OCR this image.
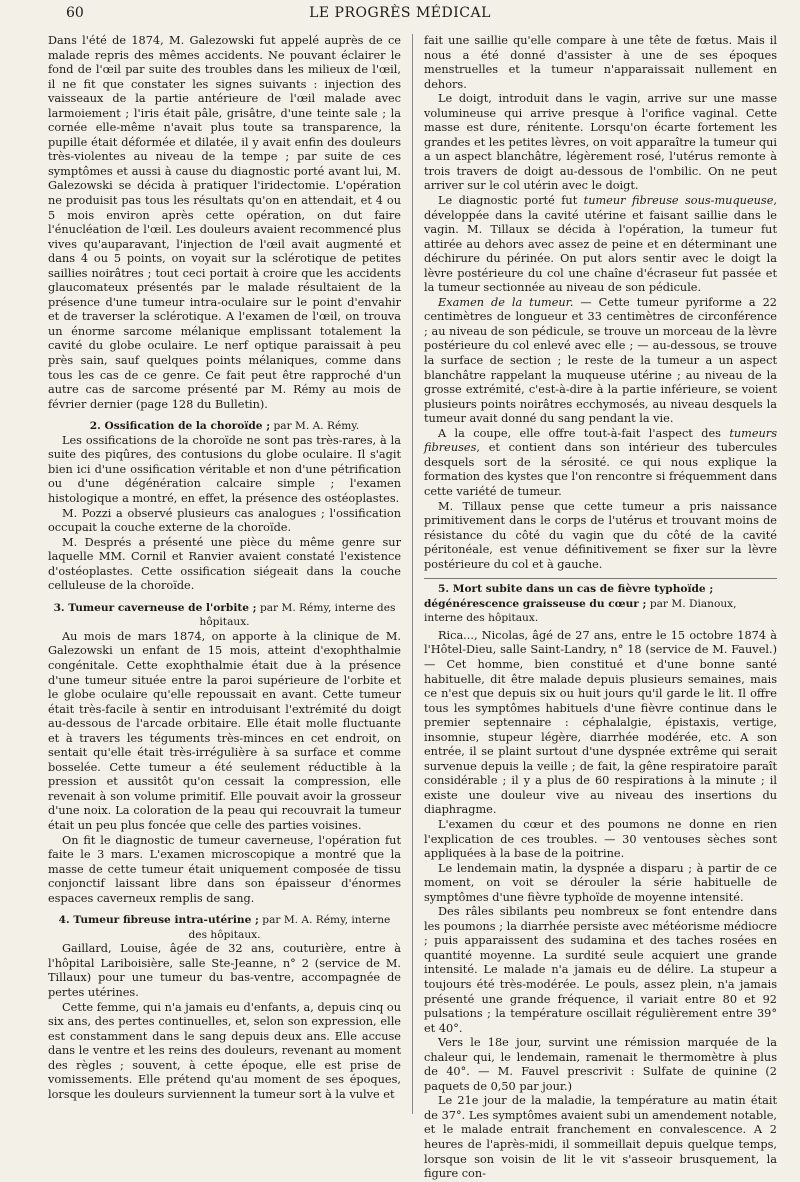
60	LE PROGRÈS MÉDICAL

Dans l'été de 1874, M. Galezowski fut appelé auprès de ce malade repris des mêmes accidents. Ne pouvant éclairer le fond de l'œil par suite des troubles dans les milieux de l'œil, il ne fit que constater les signes suivants : injection des vaisseaux de la partie antérieure de l'œil malade avec larmoiement ; l'iris était pâle, grisâtre, d'une teinte sale ; la cornée elle-même n'avait plus toute sa transparence, la pupille était déformée et dilatée, il y avait enfin des douleurs très-violentes au niveau de la tempe ; par suite de ces symptômes et aussi à cause du diagnostic porté avant lui, M. Galezowski se décida à pratiquer l'iridectomie. L'opération ne produisit pas tous les résultats qu'on en attendait, et 4 ou 5 mois environ après cette opération, on dut faire l'énucléation de l'œil. Les douleurs avaient recommencé plus vives qu'auparavant, l'injection de l'œil avait augmenté et dans 4 ou 5 points, on voyait sur la sclérotique de petites saillies noirâtres ; tout ceci portait à croire que les accidents glaucomateux présentés par le malade résultaient de la présence d'une tumeur intra-oculaire sur le point d'envahir et de traverser la sclérotique. A l'examen de l'œil, on trouva un énorme sarcome mélanique emplissant totalement la cavité du globe oculaire. Le nerf optique paraissait à peu près sain, sauf quelques points mélaniques, comme dans tous les cas de ce genre. Ce fait peut être rapproché d'un autre cas de sarcome présenté par M. Rémy au mois de février dernier (page 128 du Bulletin).

2. Ossification de la choroïde ; par M. A. Rémy.

Les ossifications de la choroïde ne sont pas très-rares, à la suite des piqûres, des contusions du globe oculaire. Il s'agit bien ici d'une ossification véritable et non d'une pétrification ou d'une dégénération calcaire simple ; l'examen histologique a montré, en effet, la présence des ostéoplastes.

M. Pozzi a observé plusieurs cas analogues ; l'ossification occupait la couche externe de la choroïde.

M. Després a présenté une pièce du même genre sur laquelle MM. Cornil et Ranvier avaient constaté l'existence d'ostéoplastes. Cette ossification siégeait dans la couche celluleuse de la choroïde.

3. Tumeur caverneuse de l'orbite ; par M. Rémy, interne des hôpitaux.

Au mois de mars 1874, on apporte à la clinique de M. Galezowski un enfant de 15 mois, atteint d'exophthalmie congénitale. Cette exophthalmie était due à la présence d'une tumeur située entre la paroi supérieure de l'orbite et le globe oculaire qu'elle repoussait en avant. Cette tumeur était très-facile à sentir en introduisant l'extrémité du doigt au-dessous de l'arcade orbitaire. Elle était molle fluctuante et à travers les téguments très-minces en cet endroit, on sentait qu'elle était très-irrégulière à sa surface et comme bosselée. Cette tumeur a été seulement réductible à la pression et aussitôt qu'on cessait la compression, elle revenait à son volume primitif. Elle pouvait avoir la grosseur d'une noix. La coloration de la peau qui recouvrait la tumeur était un peu plus foncée que celle des parties voisines.

On fit le diagnostic de tumeur caverneuse, l'opération fut faite le 3 mars. L'examen microscopique a montré que la masse de cette tumeur était uniquement composée de tissu conjonctif laissant libre dans son épaisseur d'énormes espaces caverneux remplis de sang.

4. Tumeur fibreuse intra-utérine ; par M. A. Rémy, interne des hôpitaux.

Gaillard, Louise, âgée de 32 ans, couturière, entre à l'hôpital Lariboisière, salle Ste-Jeanne, n° 2 (service de M. Tillaux) pour une tumeur du bas-ventre, accompagnée de pertes utérines.

Cette femme, qui n'a jamais eu d'enfants, a, depuis cinq ou six ans, des pertes continuelles, et, selon son expression, elle est constamment dans le sang depuis deux ans. Elle accuse dans le ventre et les reins des douleurs, revenant au moment des règles ; souvent, à cette époque, elle est prise de vomissements. Elle prétend qu'au moment de ses époques, lorsque les douleurs surviennent la tumeur sort à la vulve et

fait une saillie qu'elle compare à une tête de fœtus. Mais il nous a été donné d'assister à une de ses époques menstruelles et la tumeur n'apparaissait nullement en dehors.

Le doigt, introduit dans le vagin, arrive sur une masse volumineuse qui arrive presque à l'orifice vaginal. Cette masse est dure, rénitente. Lorsqu'on écarte fortement les grandes et les petites lèvres, on voit apparaître la tumeur qui a un aspect blanchâtre, légèrement rosé, l'utérus remonte à trois travers de doigt au-dessous de l'ombilic. On ne peut arriver sur le col utérin avec le doigt.

Le diagnostic porté fut tumeur fibreuse sous-muqueuse, développée dans la cavité utérine et faisant saillie dans le vagin. M. Tillaux se décida à l'opération, la tumeur fut attirée au dehors avec assez de peine et en déterminant une déchirure du périnée. On put alors sentir avec le doigt la lèvre postérieure du col une chaîne d'écraseur fut passée et la tumeur sectionnée au niveau de son pédicule.

Examen de la tumeur. — Cette tumeur pyriforme a 22 centimètres de longueur et 33 centimètres de circonférence ; au niveau de son pédicule, se trouve un morceau de la lèvre postérieure du col enlevé avec elle ; — au-dessous, se trouve la surface de section ; le reste de la tumeur a un aspect blanchâtre rappelant la muqueuse utérine ; au niveau de la grosse extrémité, c'est-à-dire à la partie inférieure, se voient plusieurs points noirâtres ecchymosés, au niveau desquels la tumeur avait donné du sang pendant la vie.

A la coupe, elle offre tout-à-fait l'aspect des tumeurs fibreuses, et contient dans son intérieur des tubercules desquels sort de la sérosité. ce qui nous explique la formation des kystes que l'on rencontre si fréquemment dans cette variété de tumeur.

M. Tillaux pense que cette tumeur a pris naissance primitivement dans le corps de l'utérus et trouvant moins de résistance du côté du vagin que du côté de la cavité péritonéale, est venue définitivement se fixer sur la lèvre postérieure du col et à gauche.

5. Mort subite dans un cas de fièvre typhoïde ; dégénérescence graisseuse du cœur ; par M. Dianoux, interne des hôpitaux.

Rica..., Nicolas, âgé de 27 ans, entre le 15 octobre 1874 à l'Hôtel-Dieu, salle Saint-Landry, n° 18 (service de M. Fauvel.) — Cet homme, bien constitué et d'une bonne santé habituelle, dit être malade depuis plusieurs semaines, mais ce n'est que depuis six ou huit jours qu'il garde le lit. Il offre tous les symptômes habituels d'une fièvre continue dans le premier septennaire : céphalalgie, épistaxis, vertige, insomnie, stupeur légère, diarrhée modérée, etc. A son entrée, il se plaint surtout d'une dyspnée extrême qui serait survenue depuis la veille ; de fait, la gêne respiratoire paraît considérable ; il y a plus de 60 respirations à la minute ; il existe une douleur vive au niveau des insertions du diaphragme.

L'examen du cœur et des poumons ne donne en rien l'explication de ces troubles. — 30 ventouses sèches sont appliquées à la base de la poitrine.

Le lendemain matin, la dyspnée a disparu ; à partir de ce moment, on voit se dérouler la série habituelle de symptômes d'une fièvre typhoïde de moyenne intensité.

Des râles sibilants peu nombreux se font entendre dans les poumons ; la diarrhée persiste avec météorisme médiocre ; puis apparaissent des sudamina et des taches rosées en quantité moyenne. La surdité seule acquiert une grande intensité. Le malade n'a jamais eu de délire. La stupeur a toujours été très-modérée. Le pouls, assez plein, n'a jamais présenté une grande fréquence, il variait entre 80 et 92 pulsations ; la température oscillait régulièrement entre 39° et 40°.

Vers le 18e jour, survint une rémission marquée de la chaleur qui, le lendemain, ramenait le thermomètre à plus de 40°. — M. Fauvel prescrivit : Sulfate de quinine (2 paquets de 0,50 par jour.)

Le 21e jour de la maladie, la température au matin était de 37°. Les symptômes avaient subi un amendement notable, et le malade entrait franchement en convalescence. A 2 heures de l'après-midi, il sommeillait depuis quelque temps, lorsque son voisin de lit le vit s'asseoir brusquement, la figure con-
